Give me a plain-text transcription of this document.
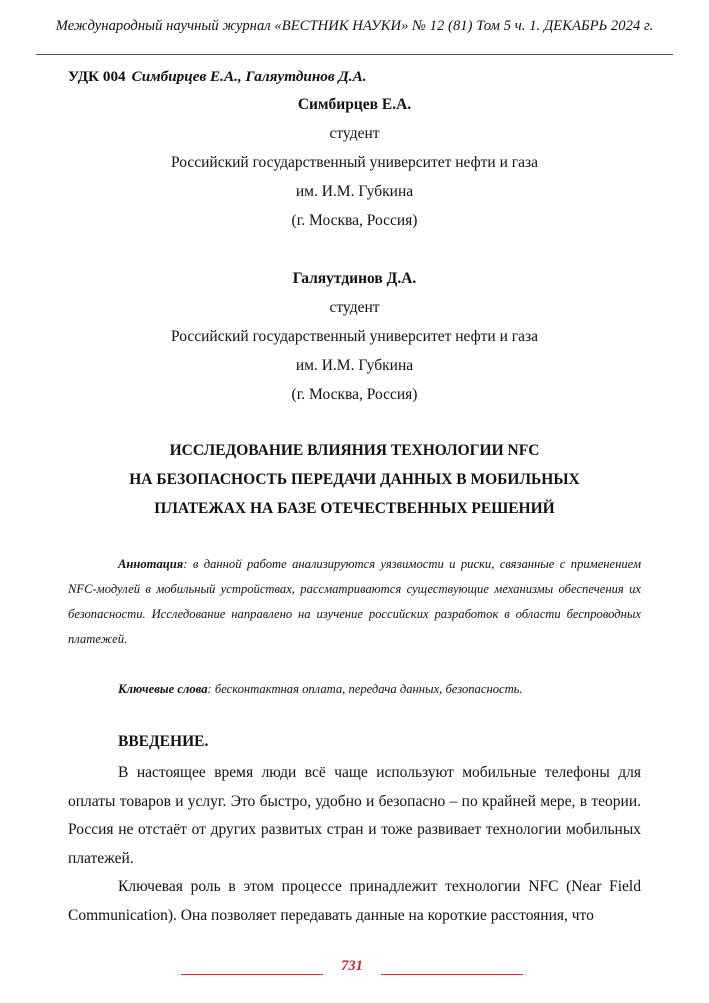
Международный научный журнал «ВЕСТНИК НАУКИ» № 12 (81) Том 5 ч. 1. ДЕКАБРЬ 2024 г.
УДК 004 Симбирцев Е.А., Галяутдинов Д.А.
Симбирцев Е.А.
студент
Российский государственный университет нефти и газа
им. И.М. Губкина
(г. Москва, Россия)
Галяутдинов Д.А.
студент
Российский государственный университет нефти и газа
им. И.М. Губкина
(г. Москва, Россия)
ИССЛЕДОВАНИЕ ВЛИЯНИЯ ТЕХНОЛОГИИ NFC
НА БЕЗОПАСНОСТЬ ПЕРЕДАЧИ ДАННЫХ В МОБИЛЬНЫХ
ПЛАТЕЖАХ НА БАЗЕ ОТЕЧЕСТВЕННЫХ РЕШЕНИЙ
Аннотация: в данной работе анализируются уязвимости и риски, связанные с применением NFC-модулей в мобильный устройствах, рассматриваются существующие механизмы обеспечения их безопасности. Исследование направлено на изучение российских разработок в области беспроводных платежей.
Ключевые слова: бесконтактная оплата, передача данных, безопасность.
ВВЕДЕНИЕ.
В настоящее время люди всё чаще используют мобильные телефоны для оплаты товаров и услуг. Это быстро, удобно и безопасно – по крайней мере, в теории. Россия не отстаёт от других развитых стран и тоже развивает технологии мобильных платежей.
Ключевая роль в этом процессе принадлежит технологии NFC (Near Field Communication). Она позволяет передавать данные на короткие расстояния, что
731
